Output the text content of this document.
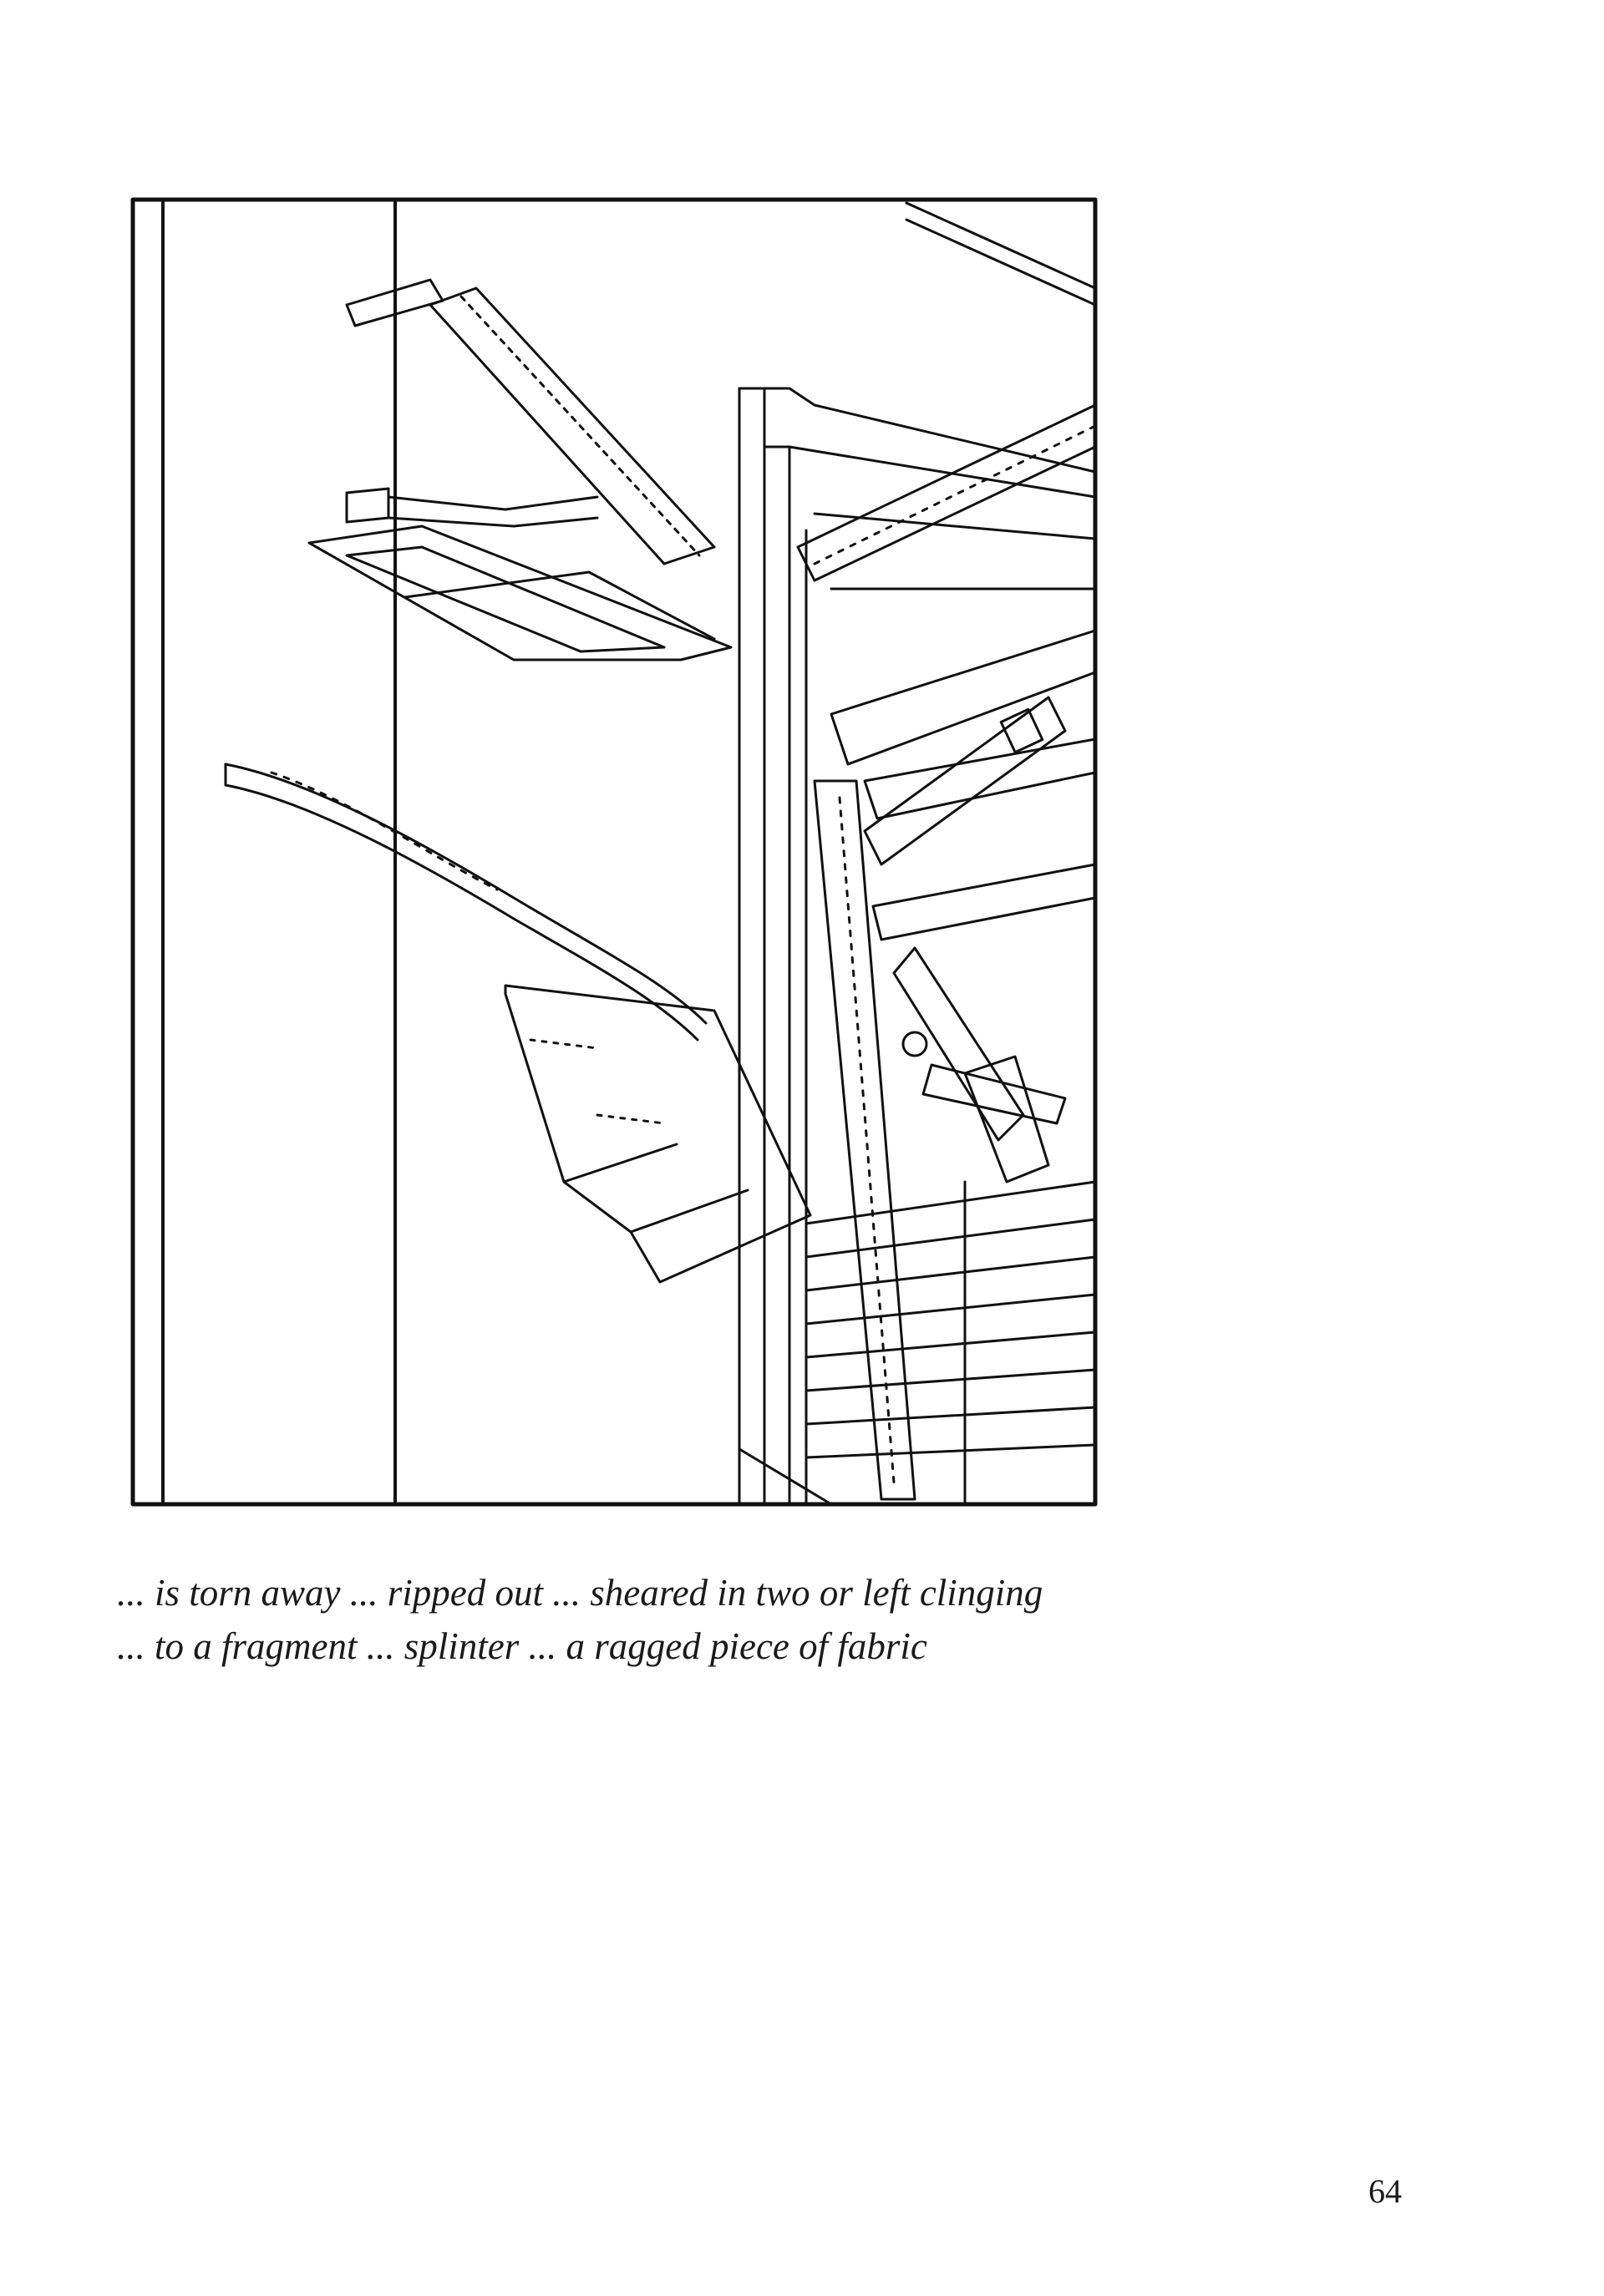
... is torn away ... ripped out ... sheared in two or left clinging
... to a fragment ... splinter ... a ragged piece of fabric
64
